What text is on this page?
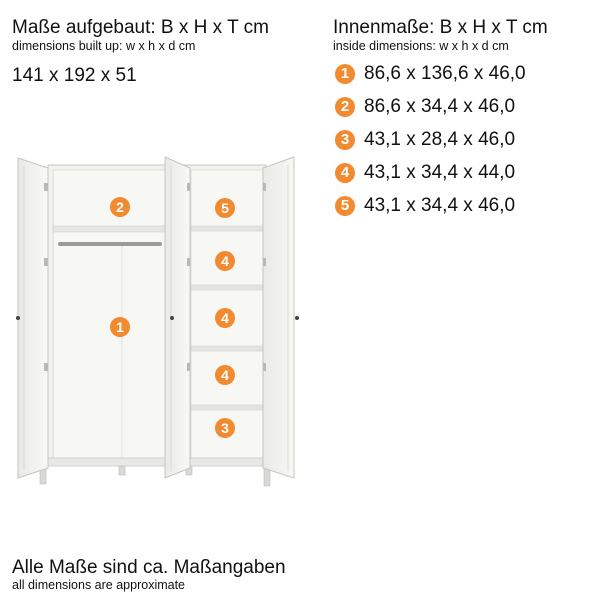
Maße aufgebaut: B x H x T cm
dimensions built up: w x h x d cm
141 x 192 x 51
Innenmaße: B x H x T cm
inside dimensions: w x h x d cm
1 86,6 x 136,6 x 46,0
2 86,6 x 34,4 x 46,0
3 43,1 x 28,4 x 46,0
4 43,1 x 34,4 x 44,0
5 43,1 x 34,4 x 46,0
2
1
5
4
4
4
3
Alle Maße sind ca. Maßangaben
all dimensions are approximate
